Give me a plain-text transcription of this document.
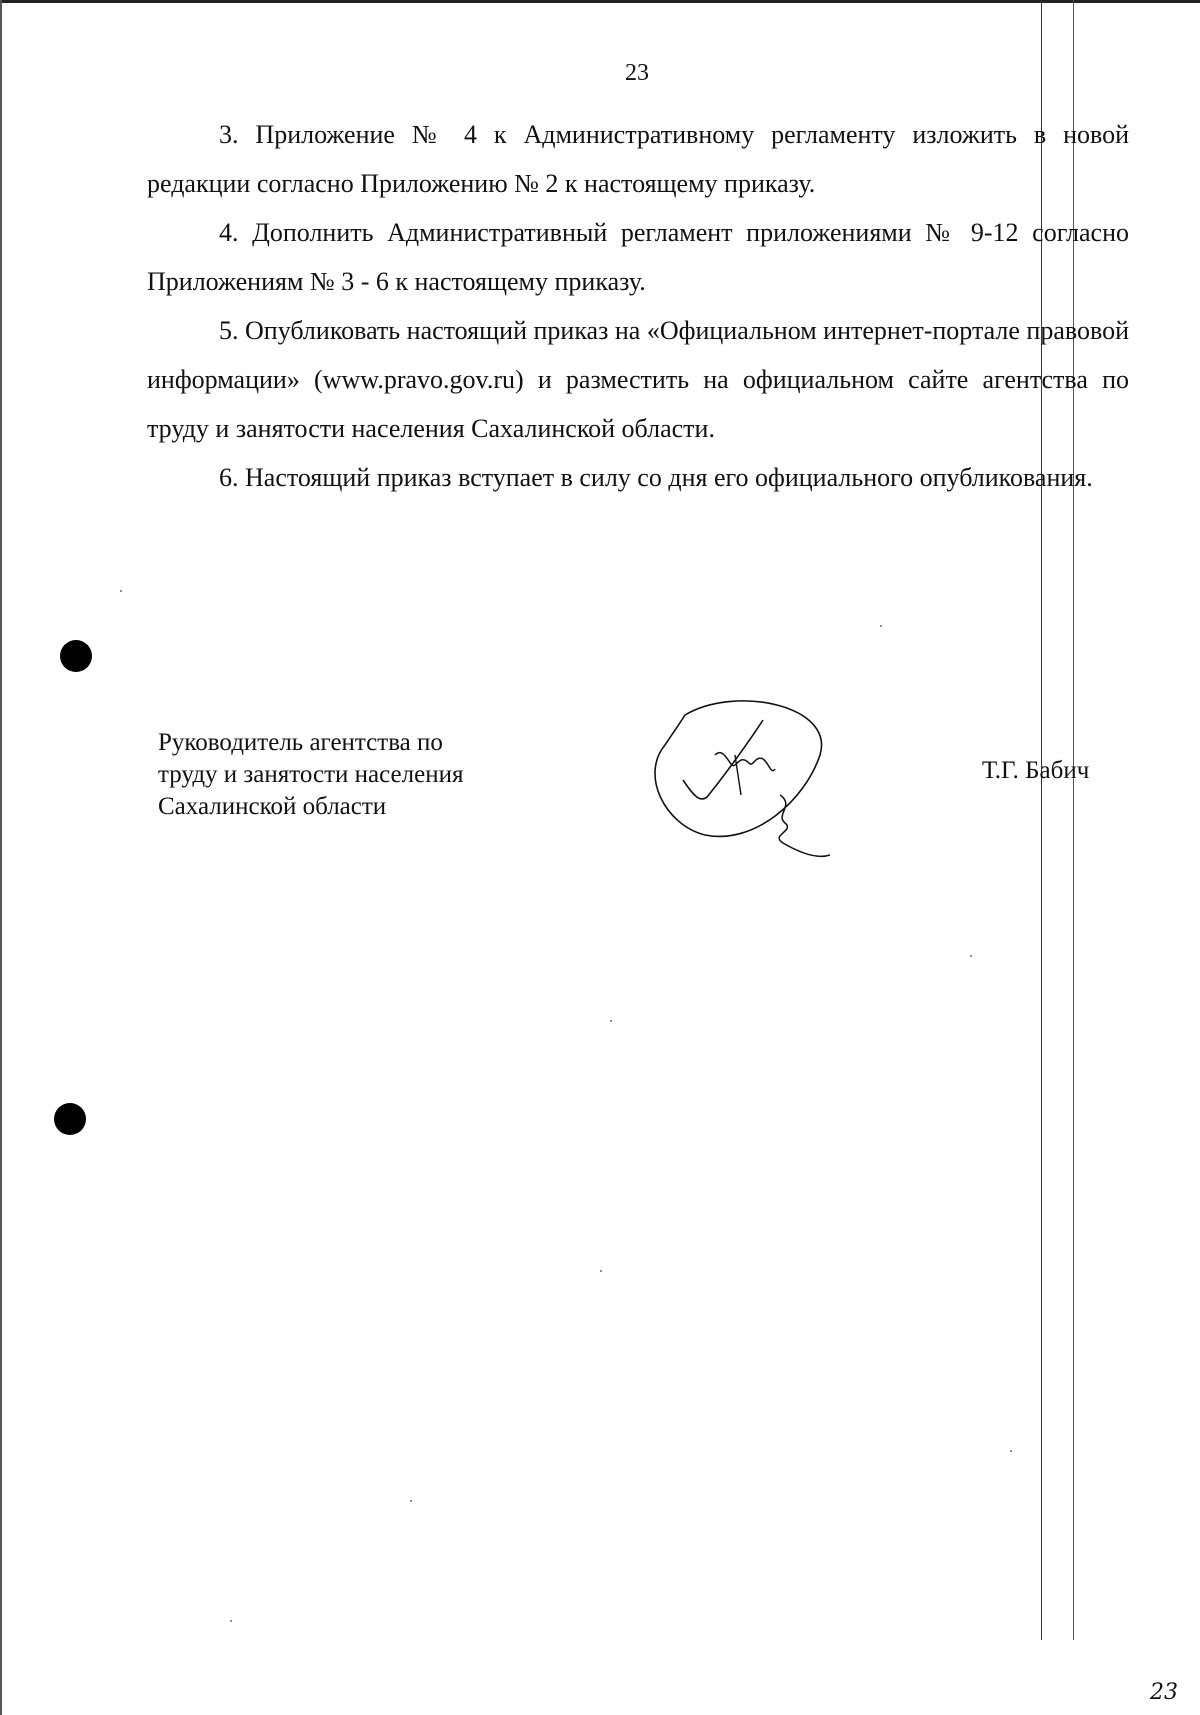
23

3. Приложение № 4 к Административному регламенту изложить в новой редакции согласно Приложению № 2 к настоящему приказу.

4. Дополнить Административный регламент приложениями № 9-12 согласно Приложениям № 3 - 6 к настоящему приказу.

5. Опубликовать настоящий приказ на «Официальном интернет-портале правовой информации» (www.pravo.gov.ru) и разместить на официальном сайте агентства по труду и занятости населения Сахалинской области.

6. Настоящий приказ вступает в силу со дня его официального опубликования.

Руководитель агентства по
труду и занятости населения
Сахалинской области
Т.Г. Бабич
23
